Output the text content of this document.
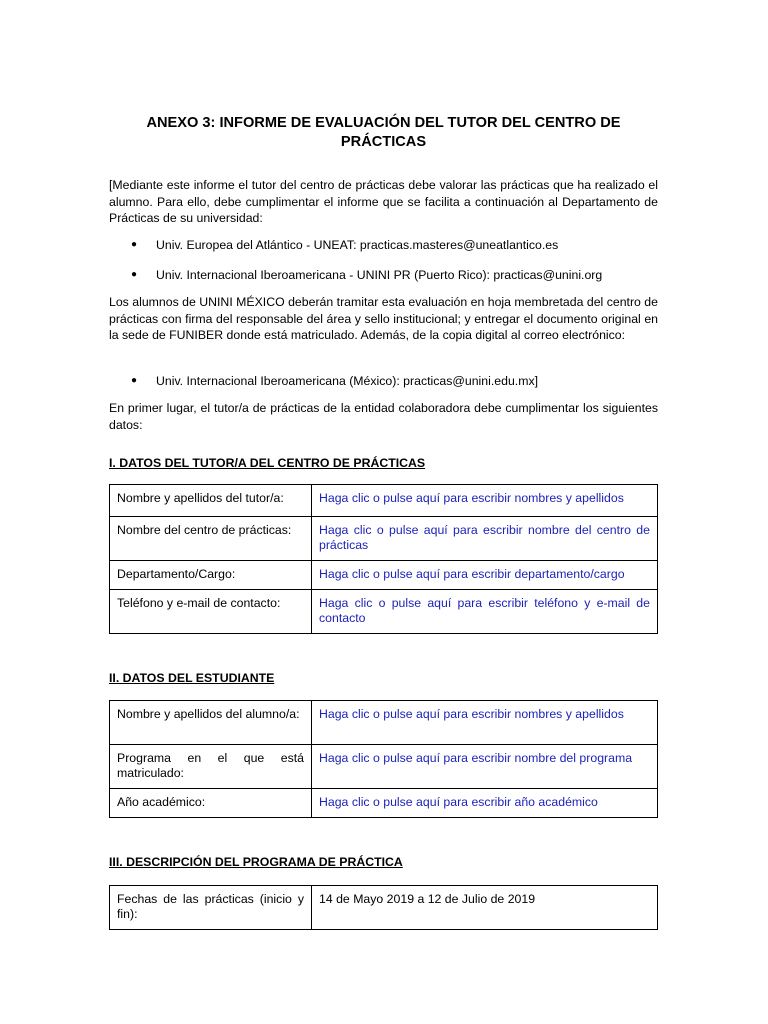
ANEXO 3: INFORME DE EVALUACIÓN DEL TUTOR DEL CENTRO DE PRÁCTICAS
[Mediante este informe el tutor del centro de prácticas debe valorar las prácticas que ha realizado el alumno. Para ello, debe cumplimentar el informe que se facilita a continuación al Departamento de Prácticas de su universidad:
● Univ. Europea del Atlántico - UNEAT: practicas.masteres@uneatlantico.es
● Univ. Internacional Iberoamericana - UNINI PR (Puerto Rico): practicas@unini.org
Los alumnos de UNINI MÉXICO deberán tramitar esta evaluación en hoja membretada del centro de prácticas con firma del responsable del área y sello institucional; y entregar el documento original en la sede de FUNIBER donde está matriculado. Además, de la copia digital al correo electrónico:
● Univ. Internacional Iberoamericana (México): practicas@unini.edu.mx]
En primer lugar, el tutor/a de prácticas de la entidad colaboradora debe cumplimentar los siguientes datos:
I. DATOS DEL TUTOR/A DEL CENTRO DE PRÁCTICAS
Nombre y apellidos del tutor/a:	Haga clic o pulse aquí para escribir nombres y apellidos
Nombre del centro de prácticas:	Haga clic o pulse aquí para escribir nombre del centro de prácticas
Departamento/Cargo:	Haga clic o pulse aquí para escribir departamento/cargo
Teléfono y e-mail de contacto:	Haga clic o pulse aquí para escribir teléfono y e-mail de contacto
II. DATOS DEL ESTUDIANTE
Nombre y apellidos del alumno/a:	Haga clic o pulse aquí para escribir nombres y apellidos
Programa en el que está matriculado:	Haga clic o pulse aquí para escribir nombre del programa
Año académico:	Haga clic o pulse aquí para escribir año académico
III. DESCRIPCIÓN DEL PROGRAMA DE PRÁCTICA
Fechas de las prácticas (inicio y fin):	14 de Mayo 2019 a 12 de Julio de 2019
